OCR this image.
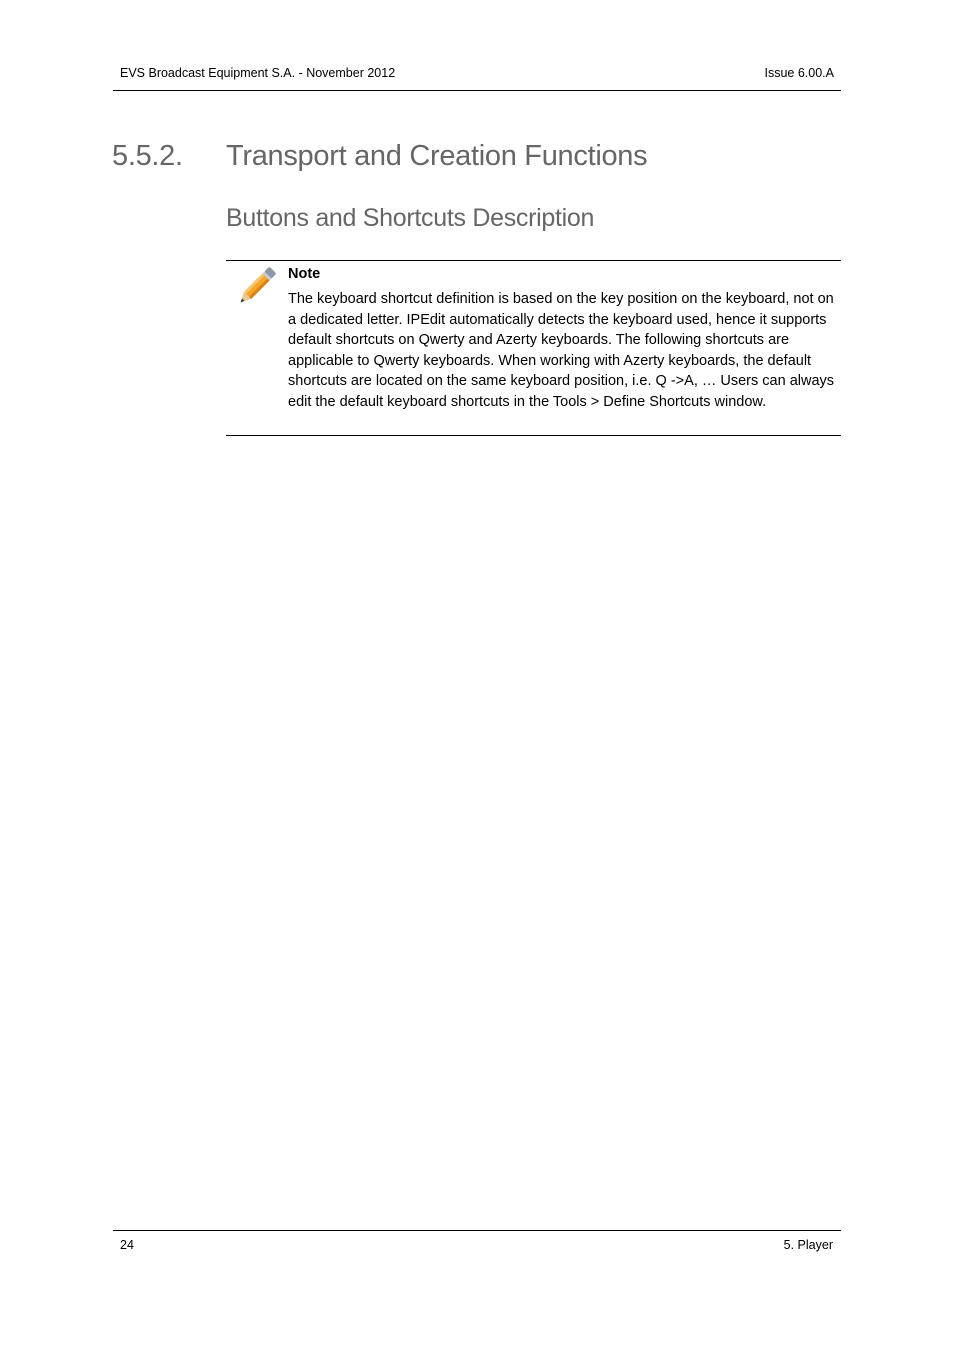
EVS Broadcast Equipment S.A. - November 2012	Issue 6.00.A
5.5.2. Transport and Creation Functions
Buttons and Shortcuts Description
Note
The keyboard shortcut definition is based on the key position on the keyboard, not on a dedicated letter. IPEdit automatically detects the keyboard used, hence it supports default shortcuts on Qwerty and Azerty keyboards. The following shortcuts are applicable to Qwerty keyboards. When working with Azerty keyboards, the default shortcuts are located on the same keyboard position, i.e. Q ->A, … Users can always edit the default keyboard shortcuts in the Tools > Define Shortcuts window.
24	5. Player
